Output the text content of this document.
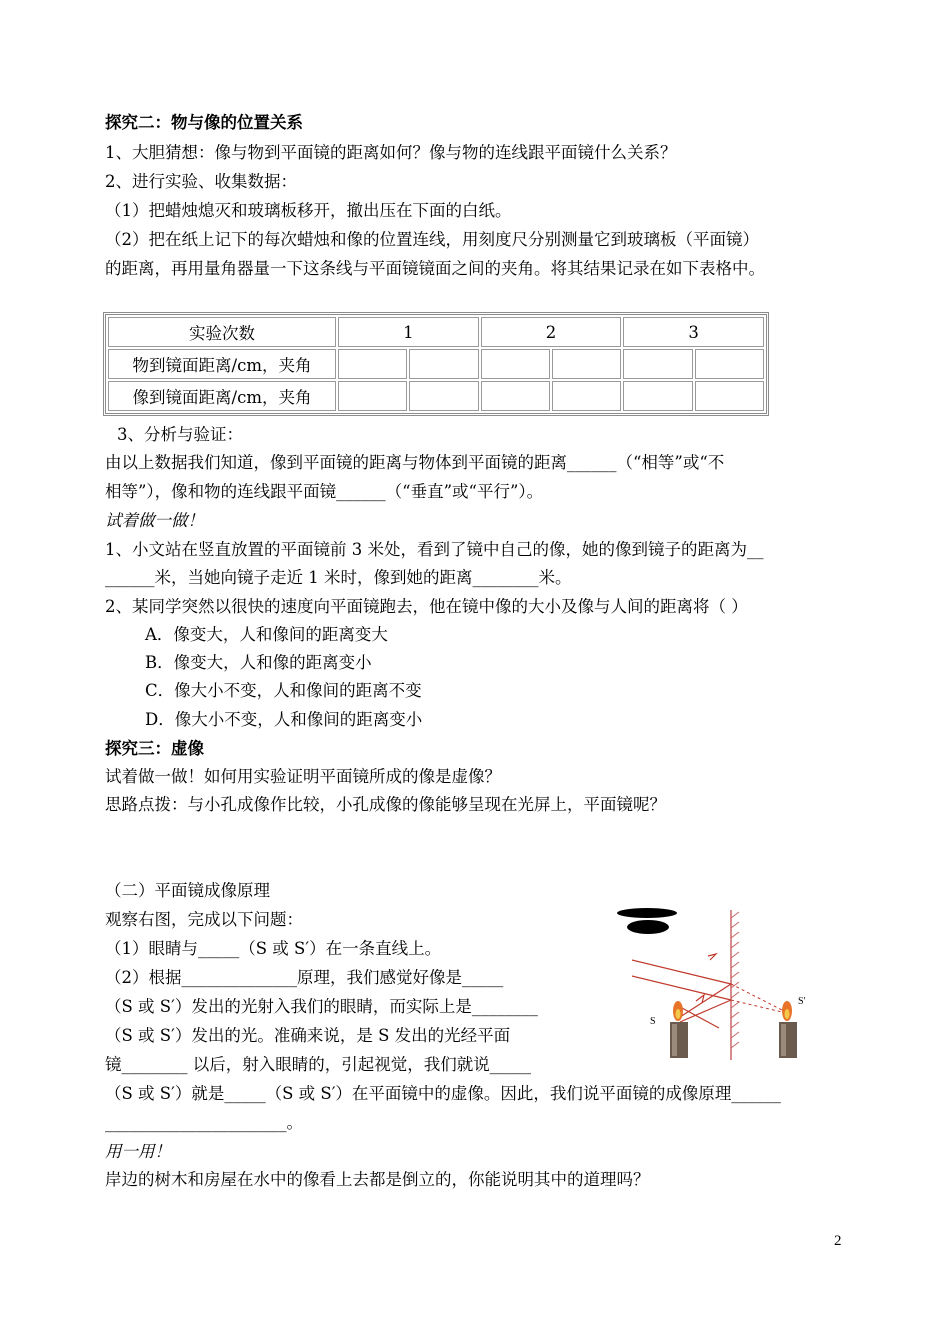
探究二：物与像的位置关系
1、大胆猜想：像与物到平面镜的距离如何？像与物的连线跟平面镜什么关系？
2、进行实验、收集数据：
（1）把蜡烛熄灭和玻璃板移开，撤出压在下面的白纸。
（2）把在纸上记下的每次蜡烛和像的位置连线，用刻度尺分别测量它到玻璃板（平面镜）
的距离，再用量角器量一下这条线与平面镜镜面之间的夹角。将其结果记录在如下表格中。
实验次数	1		2		3	
物到镜面距离/cm，夹角						
像到镜面距离/cm，夹角						
3、分析与验证：
由以上数据我们知道，像到平面镜的距离与物体到平面镜的距离______（“相等”或“不
相等”），像和物的连线跟平面镜______（“垂直”或“平行”）。
试着做一做！
1、小文站在竖直放置的平面镜前 3 米处，看到了镜中自己的像，她的像到镜子的距离为__
______米，当她向镜子走近 1 米时，像到她的距离________米。
2、某同学突然以很快的速度向平面镜跑去，他在镜中像的大小及像与人间的距离将（ ）
A．像变大，人和像间的距离变大
B．像变大，人和像的距离变小
C．像大小不变，人和像间的距离不变
D．像大小不变，人和像间的距离变小
探究三：虚像
试着做一做！如何用实验证明平面镜所成的像是虚像？
思路点拨：与小孔成像作比较，小孔成像的像能够呈现在光屏上，平面镜呢？
（二）平面镜成像原理
观察右图，完成以下问题：
（1）眼睛与_____（S 或 S′）在一条直线上。
（2）根据______________原理，我们感觉好像是_____
（S 或 S′）发出的光射入我们的眼睛，而实际上是________
（S 或 S′）发出的光。准确来说，是 S 发出的光经平面
镜________ 以后，射入眼睛的，引起视觉，我们就说_____
（S 或 S′）就是_____（S 或 S′）在平面镜中的虚像。因此，我们说平面镜的成像原理______
______________________。
S
S′
用一用！
岸边的树木和房屋在水中的像看上去都是倒立的，你能说明其中的道理吗？
2
